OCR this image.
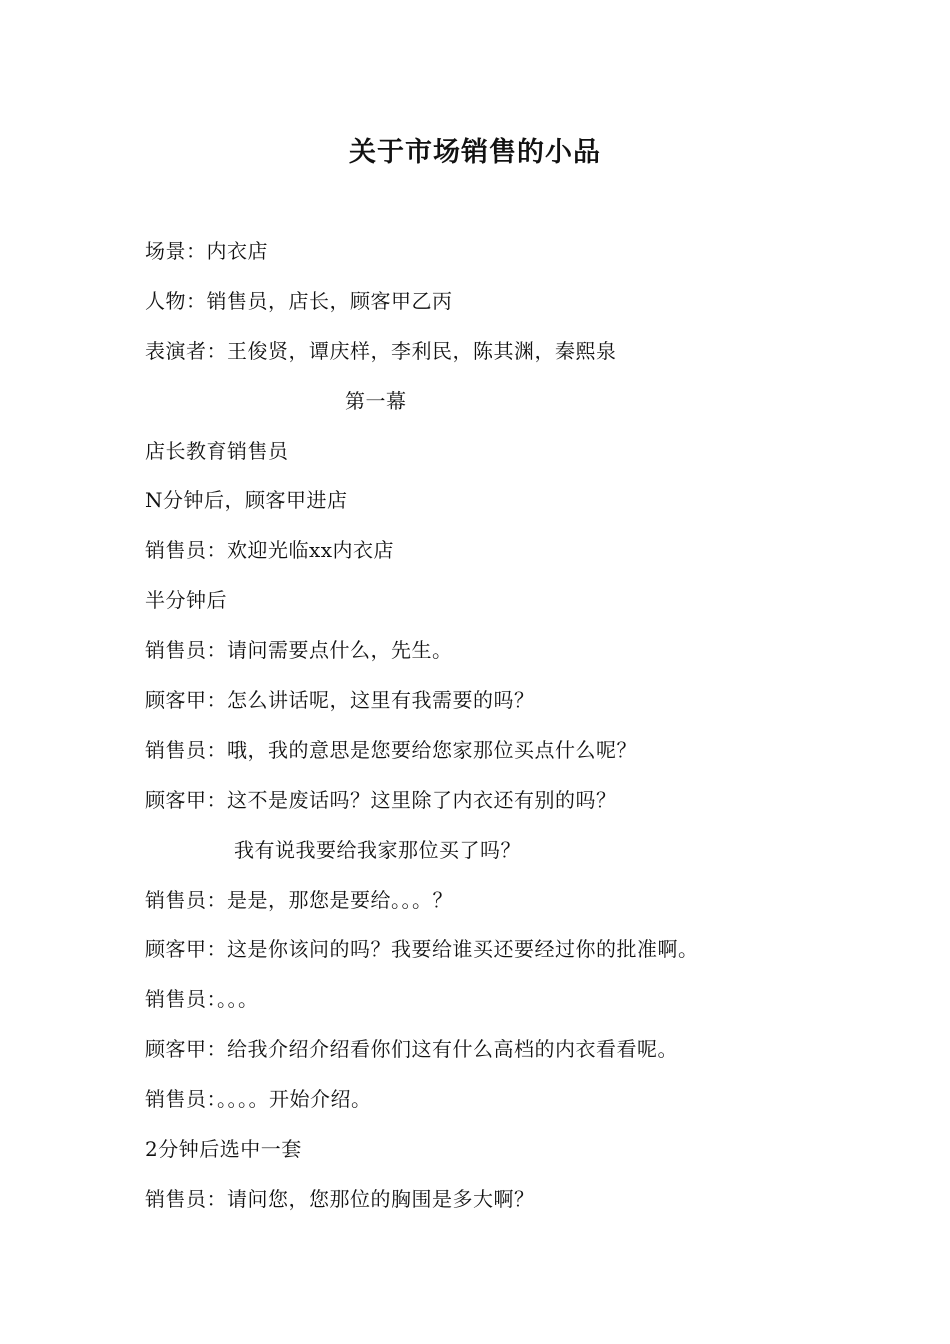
关于市场销售的小品
场景：内衣店
人物：销售员，店长，顾客甲乙丙
表演者：王俊贤，谭庆样，李利民，陈其渊，秦熙泉
第一幕
店长教育销售员
N分钟后，顾客甲进店
销售员：欢迎光临xx内衣店
半分钟后
销售员：请问需要点什么，先生。
顾客甲：怎么讲话呢，这里有我需要的吗？
销售员：哦，我的意思是您要给您家那位买点什么呢？
顾客甲：这不是废话吗？这里除了内衣还有别的吗？
我有说我要给我家那位买了吗？
销售员：是是，那您是要给。。。？
顾客甲：这是你该问的吗？我要给谁买还要经过你的批准啊。
销售员：。。。
顾客甲：给我介绍介绍看你们这有什么高档的内衣看看呢。
销售员：。。。。开始介绍。
2分钟后选中一套
销售员：请问您，您那位的胸围是多大啊？
